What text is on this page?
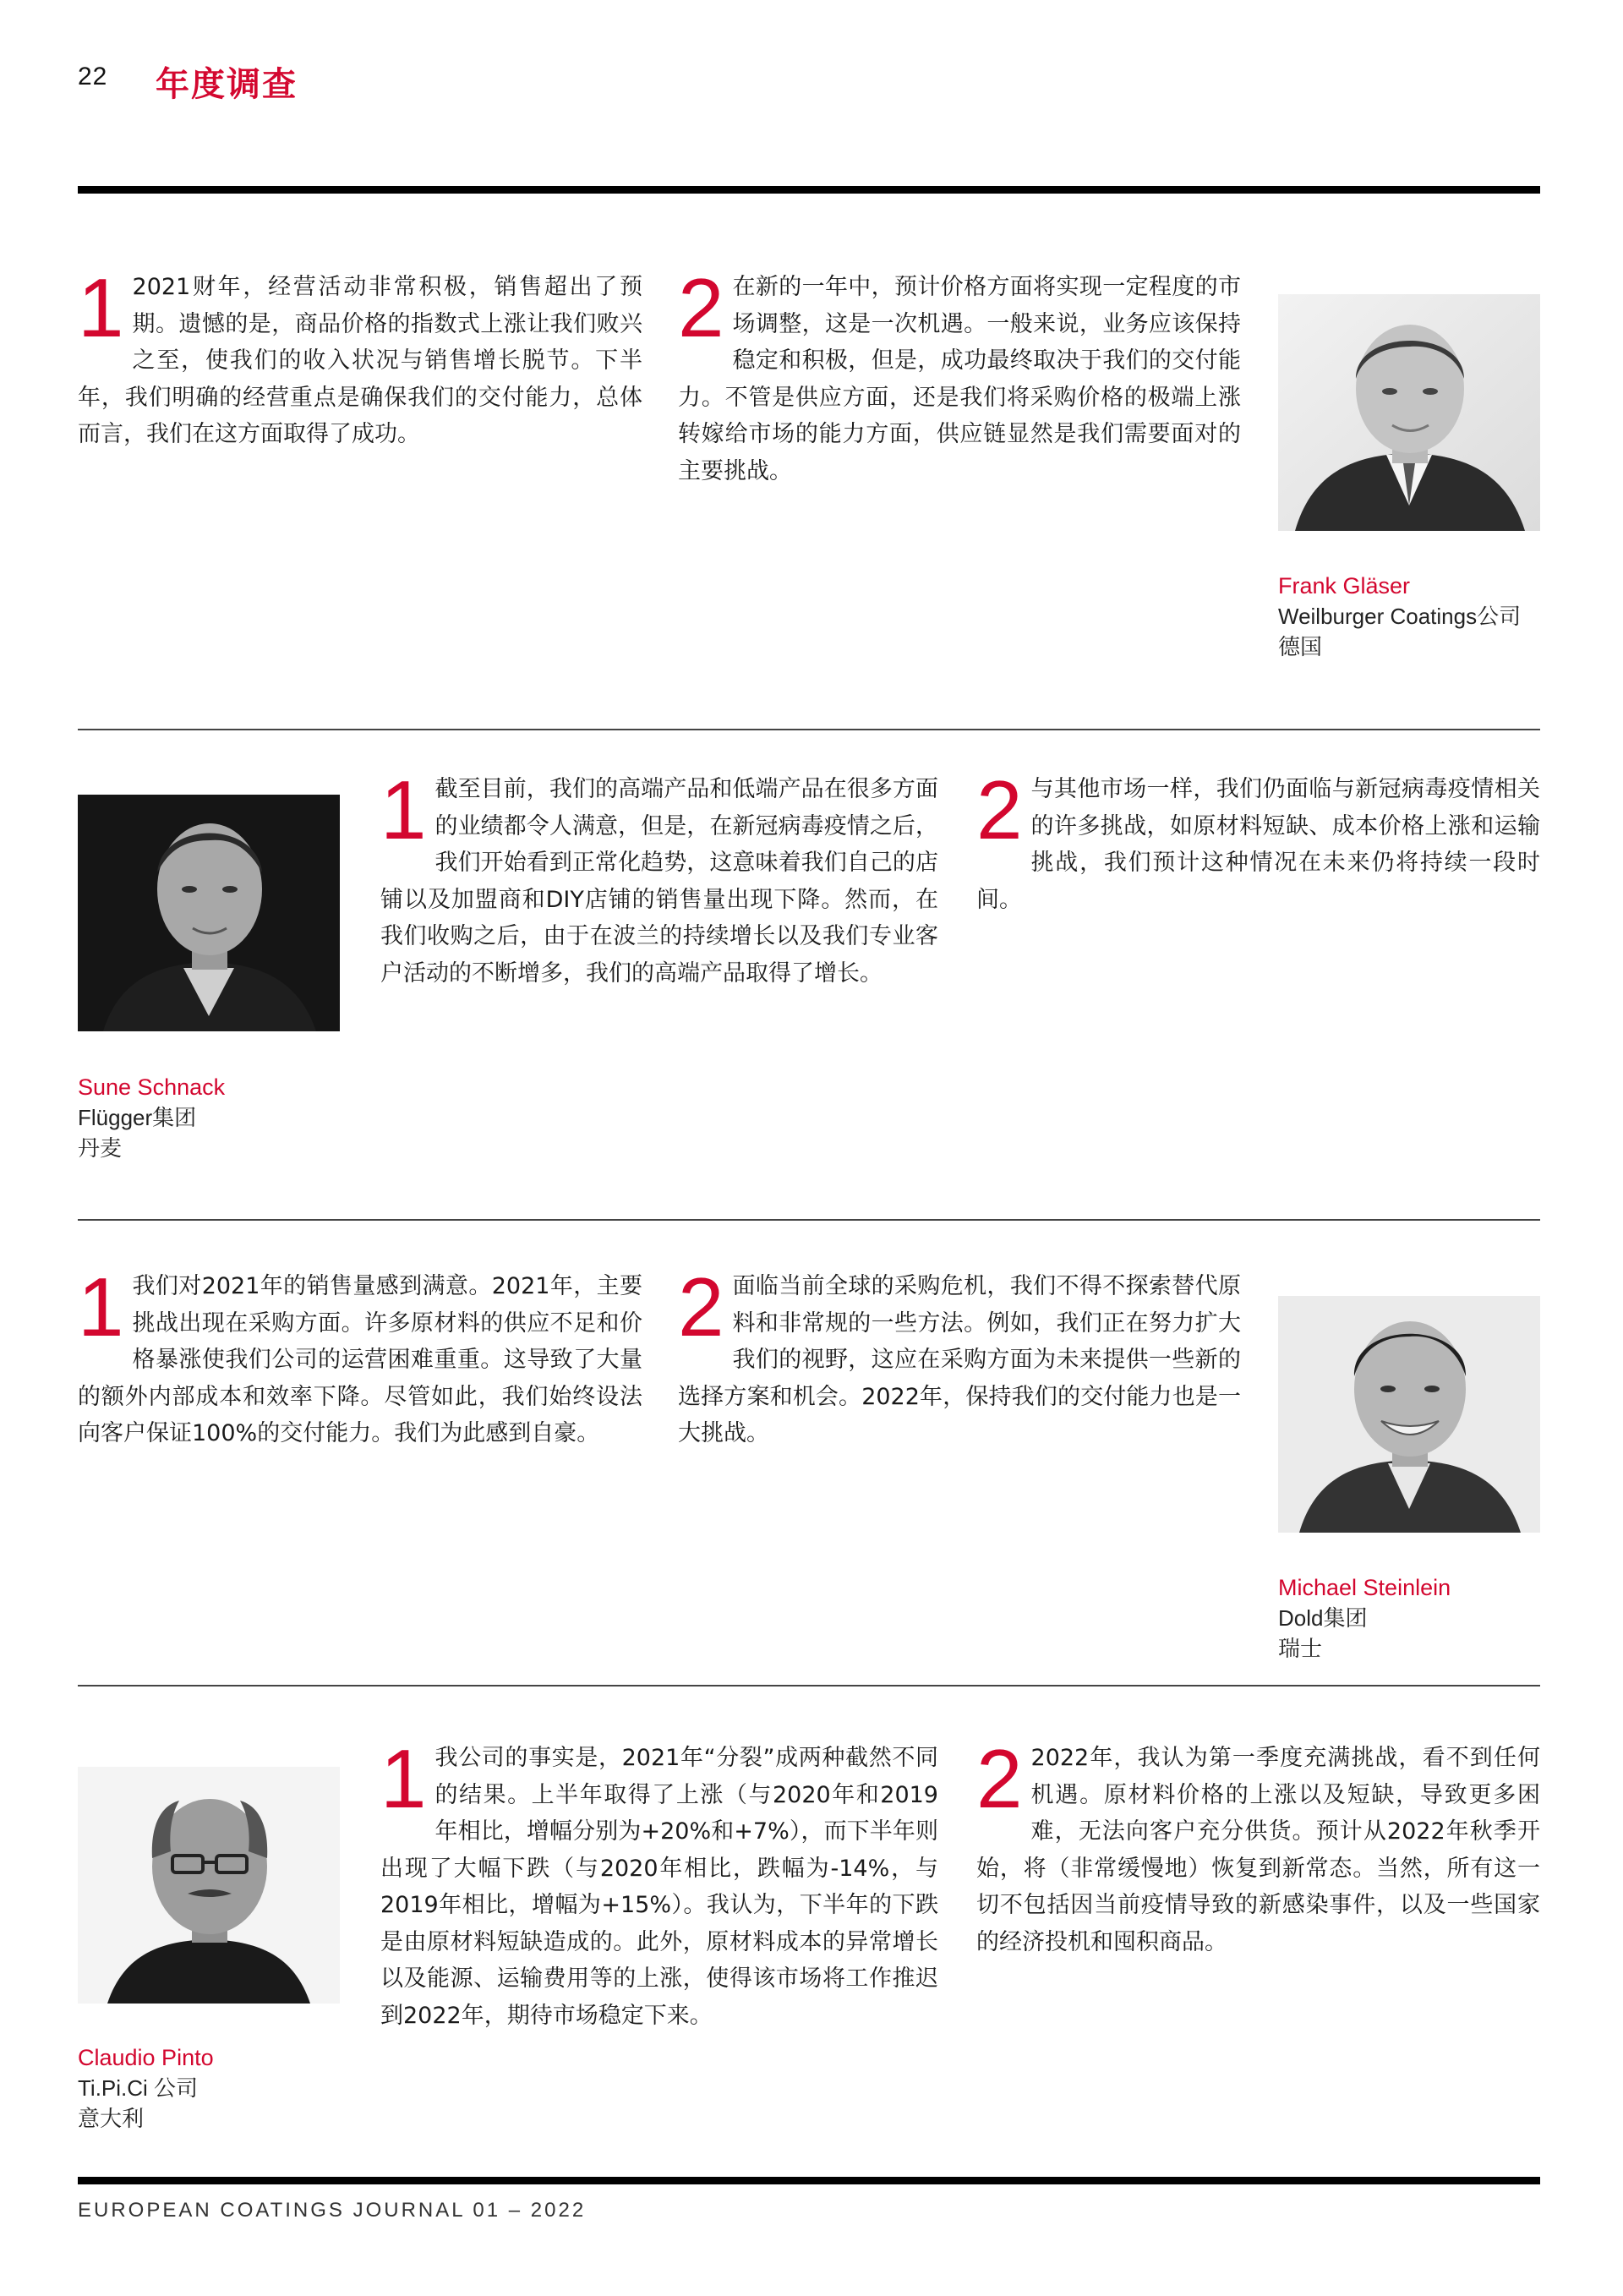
22 年度调查

1 2021财年，经营活动非常积极，销售超出了预期。遗憾的是，商品价格的指数式上涨让我们败兴之至，使我们的收入状况与销售增长脱节。下半年，我们明确的经营重点是确保我们的交付能力，总体而言，我们在这方面取得了成功。

2 在新的一年中，预计价格方面将实现一定程度的市场调整，这是一次机遇。一般来说，业务应该保持稳定和积极，但是，成功最终取决于我们的交付能力。不管是供应方面，还是我们将采购价格的极端上涨转嫁给市场的能力方面，供应链显然是我们需要面对的主要挑战。

Frank Gläser
Weilburger Coatings公司
德国
Sune Schnack
Flügger集团
丹麦

1 截至目前，我们的高端产品和低端产品在很多方面的业绩都令人满意，但是，在新冠病毒疫情之后，我们开始看到正常化趋势，这意味着我们自己的店铺以及加盟商和DIY店铺的销售量出现下降。然而，在我们收购之后，由于在波兰的持续增长以及我们专业客户活动的不断增多，我们的高端产品取得了增长。

2 与其他市场一样，我们仍面临与新冠病毒疫情相关的许多挑战，如原材料短缺、成本价格上涨和运输挑战，我们预计这种情况在未来仍将持续一段时间。

1 我们对2021年的销售量感到满意。2021年，主要挑战出现在采购方面。许多原材料的供应不足和价格暴涨使我们公司的运营困难重重。这导致了大量的额外内部成本和效率下降。尽管如此，我们始终设法向客户保证100%的交付能力。我们为此感到自豪。

2 面临当前全球的采购危机，我们不得不探索替代原料和非常规的一些方法。例如，我们正在努力扩大我们的视野，这应在采购方面为未来提供一些新的选择方案和机会。2022年，保持我们的交付能力也是一大挑战。

Michael Steinlein
Dold集团
瑞士
Claudio Pinto
Ti.Pi.Ci 公司
意大利

1 我公司的事实是，2021年“分裂”成两种截然不同的结果。上半年取得了上涨（与2020年和2019年相比，增幅分别为+20%和+7%），而下半年则出现了大幅下跌（与2020年相比，跌幅为-14%，与2019年相比，增幅为+15%）。我认为，下半年的下跌是由原材料短缺造成的。此外，原材料成本的异常增长以及能源、运输费用等的上涨，使得该市场将工作推迟到2022年，期待市场稳定下来。

2 2022年，我认为第一季度充满挑战，看不到任何机遇。原材料价格的上涨以及短缺，导致更多困难，无法向客户充分供货。预计从2022年秋季开始，将（非常缓慢地）恢复到新常态。当然，所有这一切不包括因当前疫情导致的新感染事件，以及一些国家的经济投机和囤积商品。

EUROPEAN COATINGS JOURNAL 01 – 2022
